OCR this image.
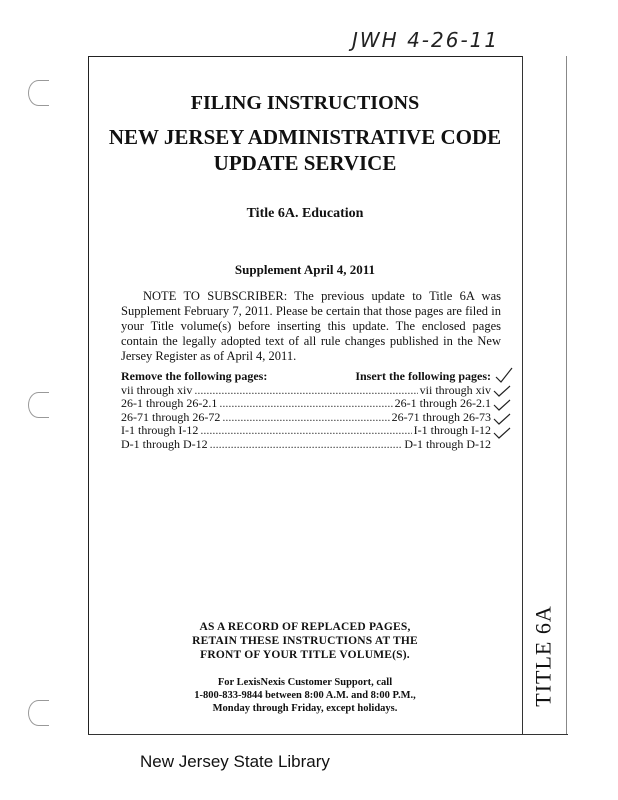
JWH 4-26-11
FILING INSTRUCTIONS
NEW JERSEY ADMINISTRATIVE CODE
UPDATE SERVICE
Title 6A. Education
Supplement April 4, 2011
NOTE TO SUBSCRIBER: The previous update to Title 6A was Supplement February 7, 2011. Please be certain that those pages are filed in your Title volume(s) before inserting this update. The enclosed pages contain the legally adopted text of all rule changes published in the New Jersey Register as of April 4, 2011.
Remove the following pages:	Insert the following pages:
vii through xiv .....	vii through xiv
26-1 through 26-2.1 .....	26-1 through 26-2.1
26-71 through 26-72 .....	26-71 through 26-73
I-1 through I-12 .....	I-1 through I-12
D-1 through D-12 .....	D-1 through D-12
AS A RECORD OF REPLACED PAGES,
RETAIN THESE INSTRUCTIONS AT THE
FRONT OF YOUR TITLE VOLUME(S).
For LexisNexis Customer Support, call
1-800-833-9844 between 8:00 A.M. and 8:00 P.M.,
Monday through Friday, except holidays.
TITLE 6A
New Jersey State Library
